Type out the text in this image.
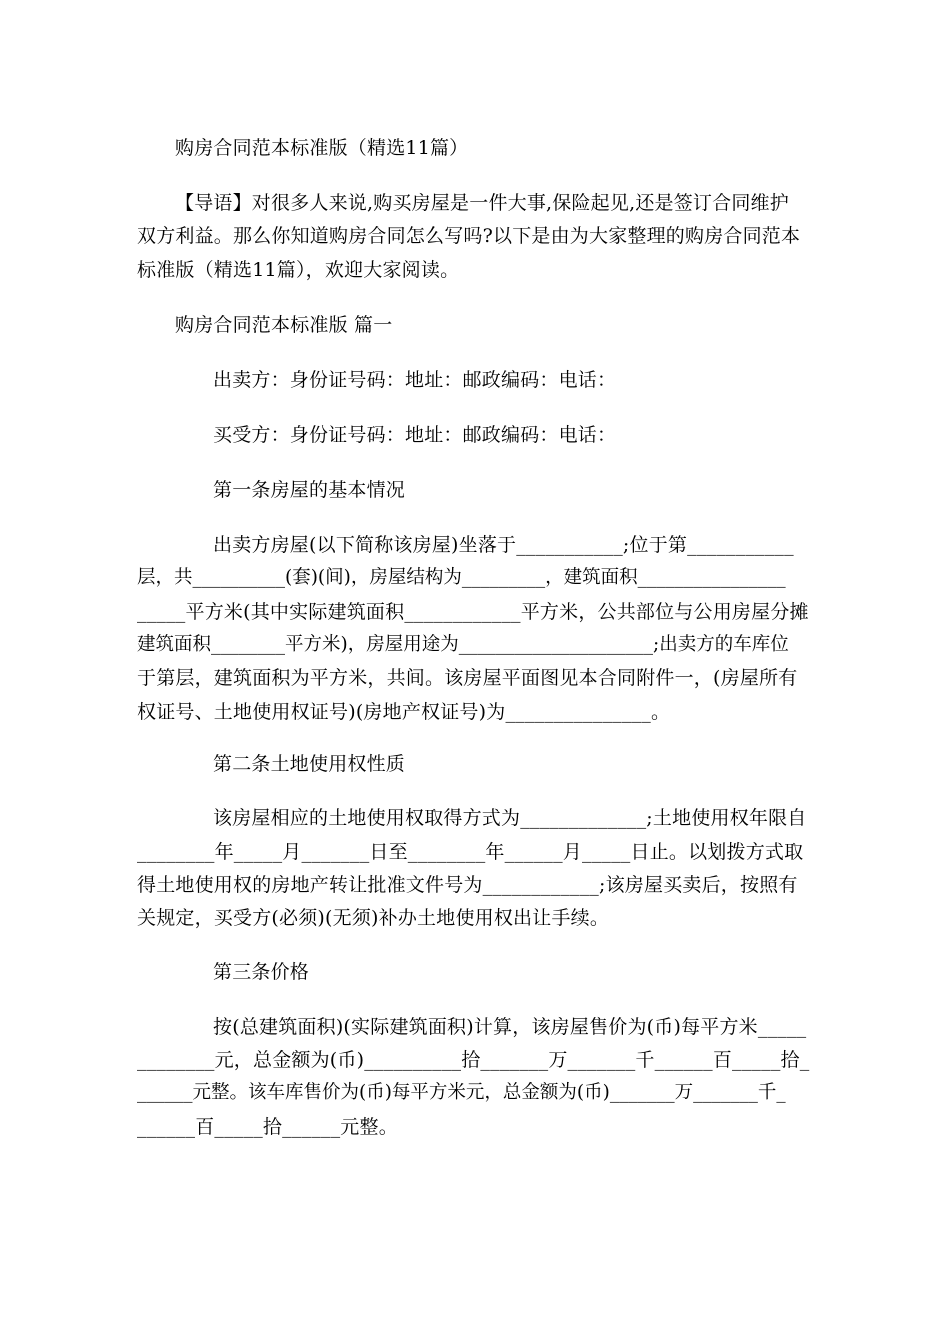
购房合同范本标准版（精选11篇）
【导语】对很多人来说,购买房屋是一件大事,保险起见,还是签订合同维护
双方利益。那么你知道购房合同怎么写吗?以下是由为大家整理的购房合同范本
标准版（精选11篇），欢迎大家阅读。
购房合同范本标准版 篇一
出卖方：身份证号码：地址：邮政编码：电话：
买受方：身份证号码：地址：邮政编码：电话：
第一条房屋的基本情况
出卖方房屋(以下简称该房屋)坐落于___________;位于第___________
层，共__________(套)(间)，房屋结构为_________，建筑面积________________
_____平方米(其中实际建筑面积____________平方米，公共部位与公用房屋分摊
建筑面积________平方米)，房屋用途为_____________________;出卖方的车库位
于第层，建筑面积为平方米，共间。该房屋平面图见本合同附件一，(房屋所有
权证号、土地使用权证号)(房地产权证号)为_______________。
第二条土地使用权性质
该房屋相应的土地使用权取得方式为_____________;土地使用权年限自
________年_____月_______日至________年______月_____日止。以划拨方式取
得土地使用权的房地产转让批准文件号为____________;该房屋买卖后，按照有
关规定，买受方(必须)(无须)补办土地使用权出让手续。
第三条价格
按(总建筑面积)(实际建筑面积)计算，该房屋售价为(币)每平方米_____
________元，总金额为(币)__________拾_______万_______千______百_____拾_
______元整。该车库售价为(币)每平方米元，总金额为(币)_______万_______千_
______百_____拾______元整。
